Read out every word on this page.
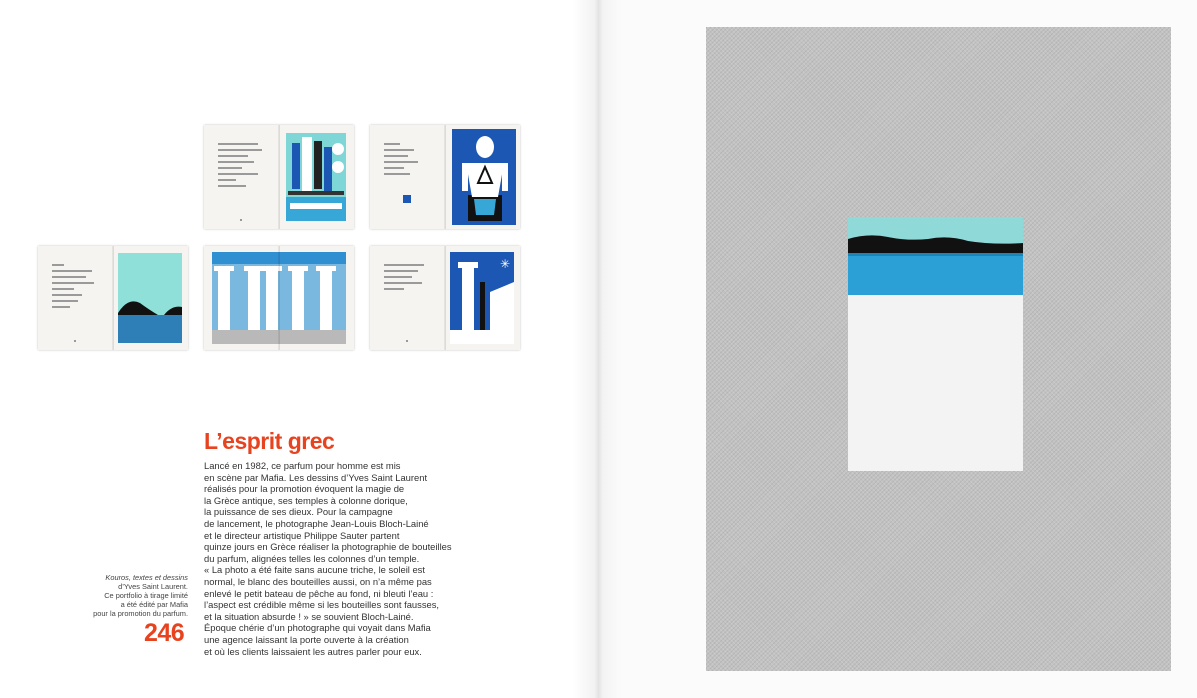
✳
L’esprit grec
Lancé en 1982, ce parfum pour homme est mis
en scène par Mafia. Les dessins d’Yves Saint Laurent
réalisés pour la promotion évoquent la magie de
la Grèce antique, ses temples à colonne dorique,
la puissance de ses dieux. Pour la campagne
de lancement, le photographe Jean-Louis Bloch-Lainé
et le directeur artistique Philippe Sauter partent
quinze jours en Grèce réaliser la photographie de bouteilles
du parfum, alignées telles les colonnes d’un temple.
« La photo a été faite sans aucune triche, le soleil est
normal, le blanc des bouteilles aussi, on n’a même pas
enlevé le petit bateau de pêche au fond, ni bleuti l’eau :
l’aspect est crédible même si les bouteilles sont fausses,
et la situation absurde ! » se souvient Bloch-Lainé.
Époque chérie d’un photographe qui voyait dans Mafia
une agence laissant la porte ouverte à la création
et où les clients laissaient les autres parler pour eux.
Kouros, textes et dessins
d’Yves Saint Laurent.
Ce portfolio à tirage limité
a été édité par Mafia
pour la promotion du parfum.
246
